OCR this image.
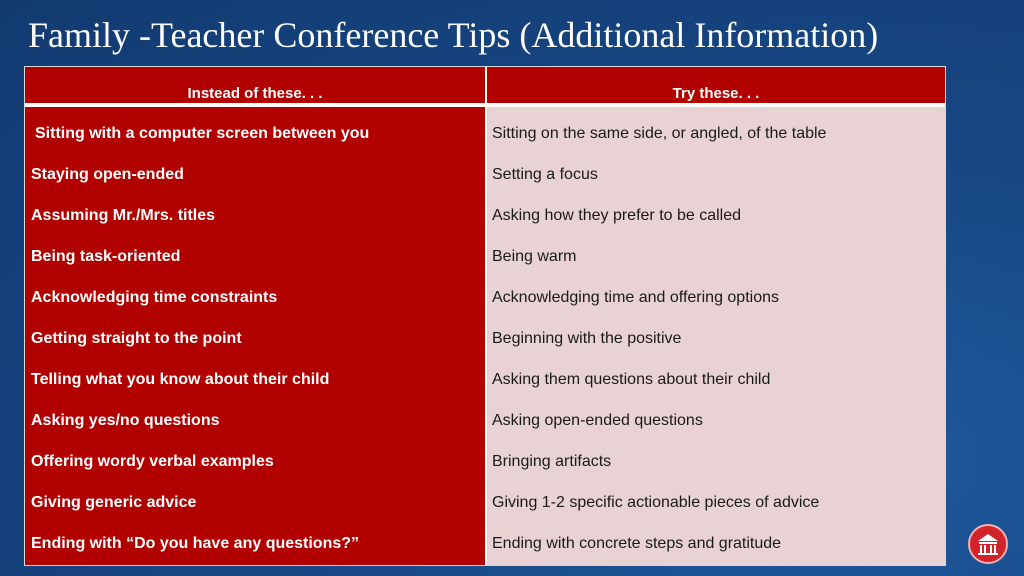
Family -Teacher Conference Tips (Additional Information)
Instead of these. . .	Try these. . .
Sitting with a computer screen between you
Staying open-ended
Assuming Mr./Mrs. titles
Being task-oriented
Acknowledging time constraints
Getting straight to the point
Telling what you know about their child
Asking yes/no questions
Offering wordy verbal examples
Giving generic advice
Ending with “Do you have any questions?”
Sitting on the same side, or angled, of the table
Setting a focus
Asking how they prefer to be called
Being warm
Acknowledging time and offering options
Beginning with the positive
Asking them questions about their child
Asking open-ended questions
Bringing artifacts
Giving 1-2 specific actionable pieces of advice
Ending with concrete steps and gratitude
